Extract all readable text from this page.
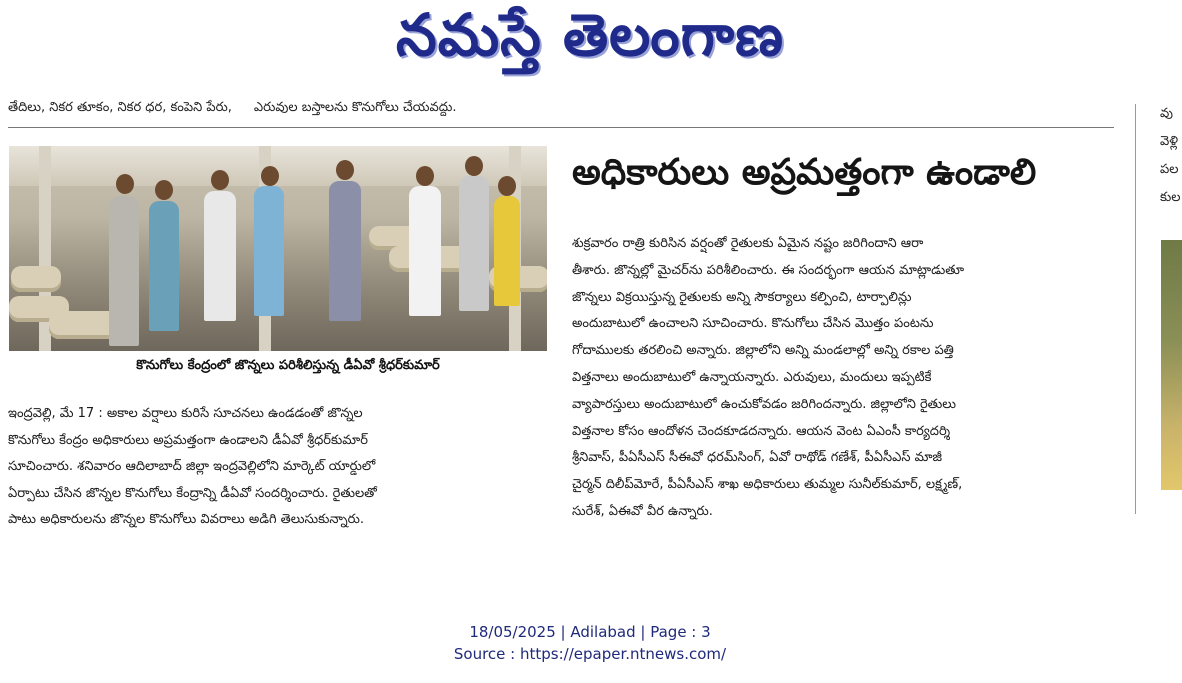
నమస్తే తెలంగాణ
తేదిలు, నికర తూకం, నికర ధర, కంపెని పేరు, ఎరువుల బస్తాలను కొనుగోలు చేయవద్దు.
కొనుగోలు కేంద్రంలో జొన్నలు పరిశీలిస్తున్న డీఏవో శ్రీధర్‌కుమార్
అధికారులు అప్రమత్తంగా ఉండాలి

ఇంద్రవెల్లి, మే 17 : అకాల వర్షాలు కురిసే సూచనలు ఉండడంతో జొన్నల

కొనుగోలు కేంద్రం అధికారులు అప్రమత్తంగా ఉండాలని డీఏవో శ్రీధర్‌కుమార్

సూచించారు. శనివారం ఆదిలాబాద్ జిల్లా ఇంద్రవెల్లిలోని మార్కెట్ యార్డులో

ఏర్పాటు చేసిన జొన్నల కొనుగోలు కేంద్రాన్ని డీఏవో సందర్శించారు. రైతులతో

పాటు అధికారులను జొన్నల కొనుగోలు వివరాలు అడిగి తెలుసుకున్నారు.

శుక్రవారం రాత్రి కురిసిన వర్షంతో రైతులకు ఏమైన నష్టం జరిగిందాని ఆరా

తీశారు. జొన్నల్లో మైచర్‌ను పరిశీలించారు. ఈ సందర్భంగా ఆయన మాట్లాడుతూ

జొన్నలు విక్రయిస్తున్న రైతులకు అన్ని సౌకర్యాలు కల్పించి, టార్పాలిన్లు

అందుబాటులో ఉంచాలని సూచించారు. కొనుగోలు చేసిన మొత్తం పంటను

గోదాములకు తరలించి అన్నారు. జిల్లాలోని అన్ని మండలాల్లో అన్ని రకాల పత్తి

విత్తనాలు అందుబాటులో ఉన్నాయన్నారు. ఎరువులు, మందులు ఇప్పటికే

వ్యాపారస్తులు అందుబాటులో ఉంచుకోవడం జరిగిందన్నారు. జిల్లాలోని రైతులు

విత్తనాల కోసం ఆందోళన చెందకూడదన్నారు. ఆయన వెంట ఏఎంసీ కార్యదర్శి

శ్రీనివాస్, పీఏసీఎస్ సీఈవో ధరమ్‌సింగ్, ఏవో రాథోడ్ గణేశ్, పీఏసీఎస్ మాజీ

చైర్మన్ దిలీప్‌మోరే, పీఏసీఎస్ శాఖ అధికారులు తుమ్మల సునీల్‌కుమార్, లక్ష్మణ్,

సురేశ్, ఏఈవో వీర ఉన్నారు.

వు
వెళ్లి
పల
కుల
18/05/2025 | Adilabad | Page : 3
Source : https://epaper.ntnews.com/
